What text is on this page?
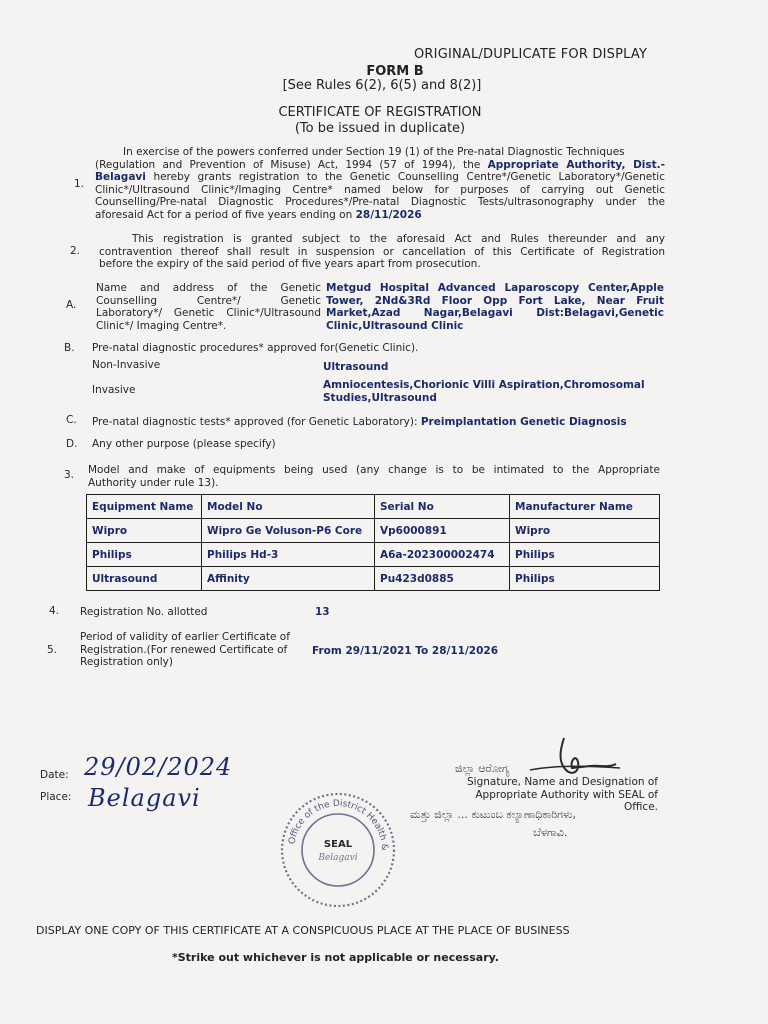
ORIGINAL/DUPLICATE FOR DISPLAY
FORM B
[See Rules 6(2), 6(5) and 8(2)]
CERTIFICATE OF REGISTRATION
(To be issued in duplicate)
1.
In exercise of the powers conferred under Section 19 (1) of the Pre-natal Diagnostic Techniques
(Regulation and Prevention of Misuse) Act, 1994 (57 of 1994), the Appropriate Authority, Dist.-
Belagavi hereby grants registration to the Genetic Counselling Centre*/Genetic Laboratory*/Genetic
Clinic*/Ultrasound Clinic*/Imaging Centre* named below for purposes of carrying out Genetic
Counselling/Pre-natal Diagnostic Procedures*/Pre-natal Diagnostic Tests/ultrasonography under the
aforesaid Act for a period of five years ending on 28/11/2026
2.
This registration is granted subject to the aforesaid Act and Rules thereunder and any
contravention thereof shall result in suspension or cancellation of this Certificate of Registration
before the expiry of the said period of five years apart from prosecution.
A.
Name and address of the Genetic
Counselling Centre*/ Genetic
Laboratory*/ Genetic Clinic*/Ultrasound
Clinic*/ Imaging Centre*.
Metgud Hospital Advanced Laparoscopy Center,Apple
Tower, 2Nd&3Rd Floor Opp Fort Lake, Near Fruit
Market,Azad Nagar,Belagavi Dist:Belagavi,Genetic
Clinic,Ultrasound Clinic
B. Pre-natal diagnostic procedures* approved for(Genetic Clinic).
Non-Invasive	Ultrasound
Invasive	Amniocentesis,Chorionic Villi Aspiration,Chromosomal
Studies,Ultrasound
C. Pre-natal diagnostic tests* approved (for Genetic Laboratory): Preimplantation Genetic Diagnosis
D. Any other purpose (please specify)
3. Model and make of equipments being used (any change is to be intimated to the Appropriate
Authority under rule 13).
Equipment Name	Model No	Serial No	Manufacturer Name
Wipro	Wipro Ge Voluson-P6 Core	Vp6000891	Wipro
Philips	Philips Hd-3	A6a-202300002474	Philips
Ultrasound	Affinity	Pu423d0885	Philips
4. Registration No. allotted	13
5.
Period of validity of earlier Certificate of
Registration.(For renewed Certificate of
Registration only)
From 29/11/2021 To 28/11/2026
Date: 29/02/2024
Place: Belagavi
ಜಿಲ್ಲಾ ಆರೋಗ್ಯ
Signature, Name and Designation of
Appropriate Authority with SEAL of Office.
ಮತ್ತು ಜಿಲ್ಲಾ ... ಕುಟುಂಬ ಕಲ್ಯಾಣಾಧಿಕಾರಿಗಳು,
ಬೆಳಗಾವಿ.
Office of the District Health &
SEAL
Belagavi
DISPLAY ONE COPY OF THIS CERTIFICATE AT A CONSPICUOUS PLACE AT THE PLACE OF BUSINESS
*Strike out whichever is not applicable or necessary.
